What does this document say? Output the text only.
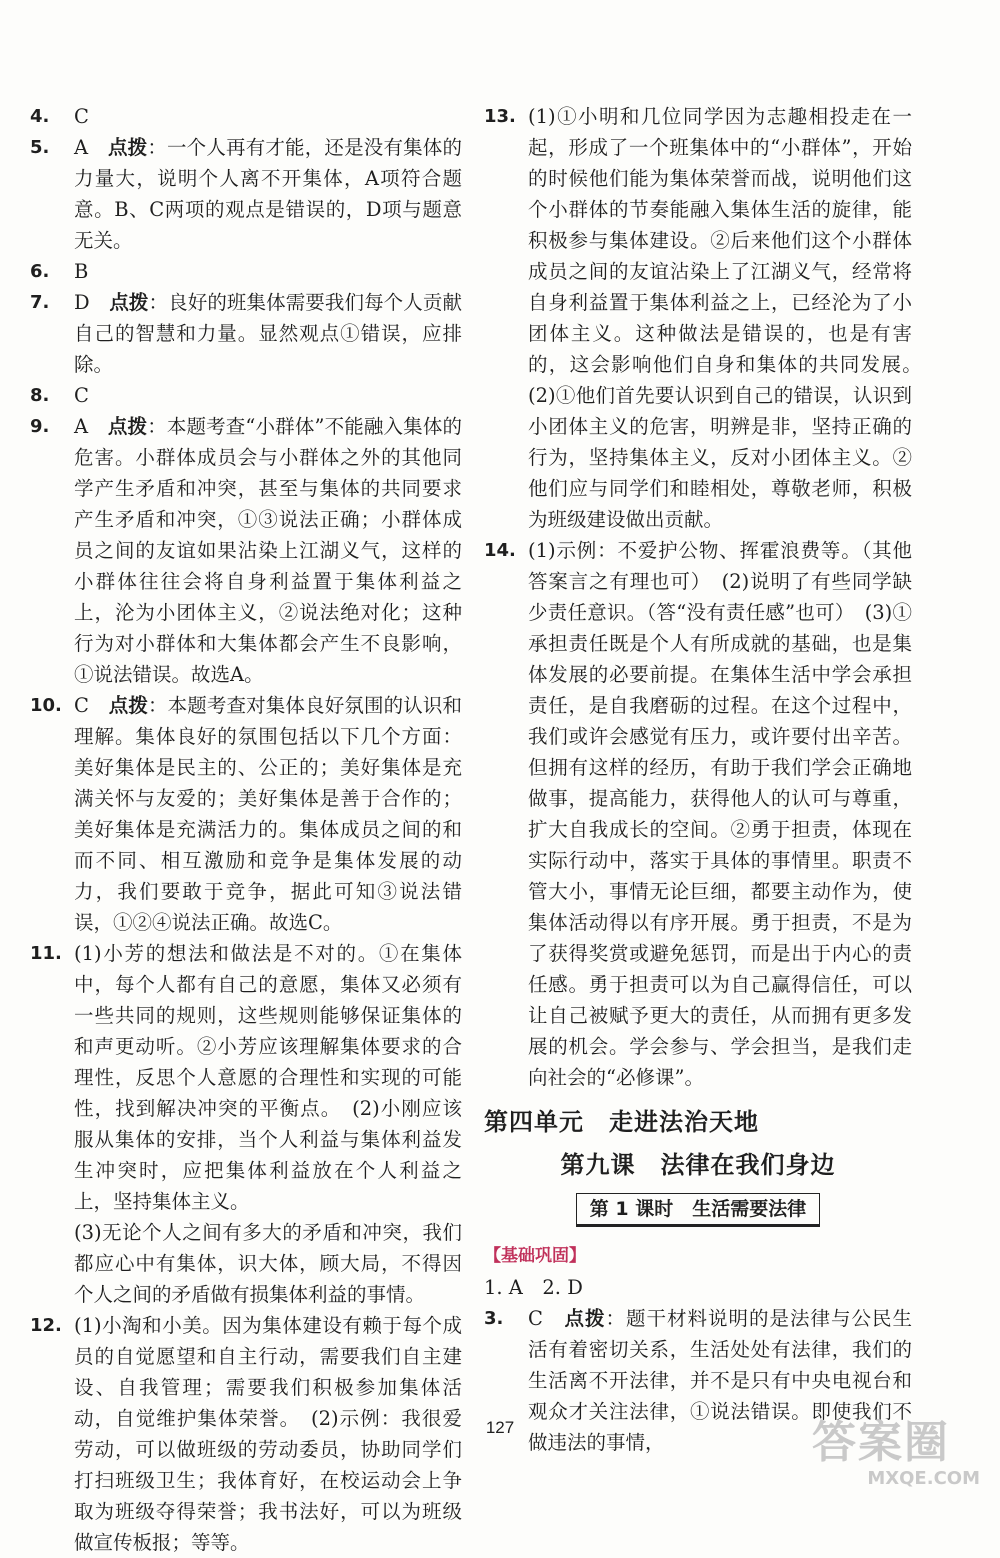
4. C
5. A　点拨：一个人再有才能，还是没有集体的力量大，说明个人离不开集体，A项符合题意。B、C两项的观点是错误的，D项与题意无关。
6. B
7. D　点拨：良好的班集体需要我们每个人贡献自己的智慧和力量。显然观点①错误，应排除。
8. C
9. A　点拨：本题考查“小群体”不能融入集体的危害。小群体成员会与小群体之外的其他同学产生矛盾和冲突，甚至与集体的共同要求产生矛盾和冲突，①③说法正确；小群体成员之间的友谊如果沾染上江湖义气，这样的小群体往往会将自身利益置于集体利益之上，沦为小团体主义，②说法绝对化；这种行为对小群体和大集体都会产生不良影响，①说法错误。故选A。
10. C　点拨：本题考查对集体良好氛围的认识和理解。集体良好的氛围包括以下几个方面：美好集体是民主的、公正的；美好集体是充满关怀与友爱的；美好集体是善于合作的；美好集体是充满活力的。集体成员之间的和而不同、相互激励和竞争是集体发展的动力，我们要敢于竞争，据此可知③说法错误，①②④说法正确。故选C。
11. (1)小芳的想法和做法是不对的。①在集体中，每个人都有自己的意愿，集体又必须有一些共同的规则，这些规则能够保证集体的和声更动听。②小芳应该理解集体要求的合理性，反思个人意愿的合理性和实现的可能性，找到解决冲突的平衡点。　(2)小刚应该服从集体的安排，当个人利益与集体利益发生冲突时，应把集体利益放在个人利益之上，坚持集体主义。
(3)无论个人之间有多大的矛盾和冲突，我们都应心中有集体，识大体，顾大局，不得因个人之间的矛盾做有损集体利益的事情。
12. (1)小淘和小美。因为集体建设有赖于每个成员的自觉愿望和自主行动，需要我们自主建设、自我管理；需要我们积极参加集体活动，自觉维护集体荣誉。　(2)示例：我很爱劳动，可以做班级的劳动委员，协助同学们打扫班级卫生；我体育好，在校运动会上争取为班级夺得荣誉；我书法好，可以为班级做宣传板报；等等。
13. (1)①小明和几位同学因为志趣相投走在一起，形成了一个班集体中的“小群体”，开始的时候他们能为集体荣誉而战，说明他们这个小群体的节奏能融入集体生活的旋律，能积极参与集体建设。②后来他们这个小群体成员之间的友谊沾染上了江湖义气，经常将自身利益置于集体利益之上，已经沦为了小团体主义。这种做法是错误的，也是有害的，这会影响他们自身和集体的共同发展。　(2)①他们首先要认识到自己的错误，认识到小团体主义的危害，明辨是非，坚持正确的行为，坚持集体主义，反对小团体主义。②他们应与同学们和睦相处，尊敬老师，积极为班级建设做出贡献。
14. (1)示例：不爱护公物、挥霍浪费等。（其他答案言之有理也可）　(2)说明了有些同学缺少责任意识。（答“没有责任感”也可）　(3)①承担责任既是个人有所成就的基础，也是集体发展的必要前提。在集体生活中学会承担责任，是自我磨砺的过程。在这个过程中，我们或许会感觉有压力，或许要付出辛苦。但拥有这样的经历，有助于我们学会正确地做事，提高能力，获得他人的认可与尊重，扩大自我成长的空间。②勇于担责，体现在实际行动中，落实于具体的事情里。职责不管大小，事情无论巨细，都要主动作为，使集体活动得以有序开展。勇于担责，不是为了获得奖赏或避免惩罚，而是出于内心的责任感。勇于担责可以为自己赢得信任，可以让自己被赋予更大的责任，从而拥有更多发展的机会。学会参与、学会担当，是我们走向社会的“必修课”。
第四单元　走进法治天地
第九课　法律在我们身边
第 1 课时　生活需要法律
【基础巩固】
1. A　2. D
3. C　点拨：题干材料说明的是法律与公民生活有着密切关系，生活处处有法律，我们的生活离不开法律，并不是只有中央电视台和观众才关注法律，①说法错误。即使我们不做违法的事情，
127	答案圈
MXQE.COM
